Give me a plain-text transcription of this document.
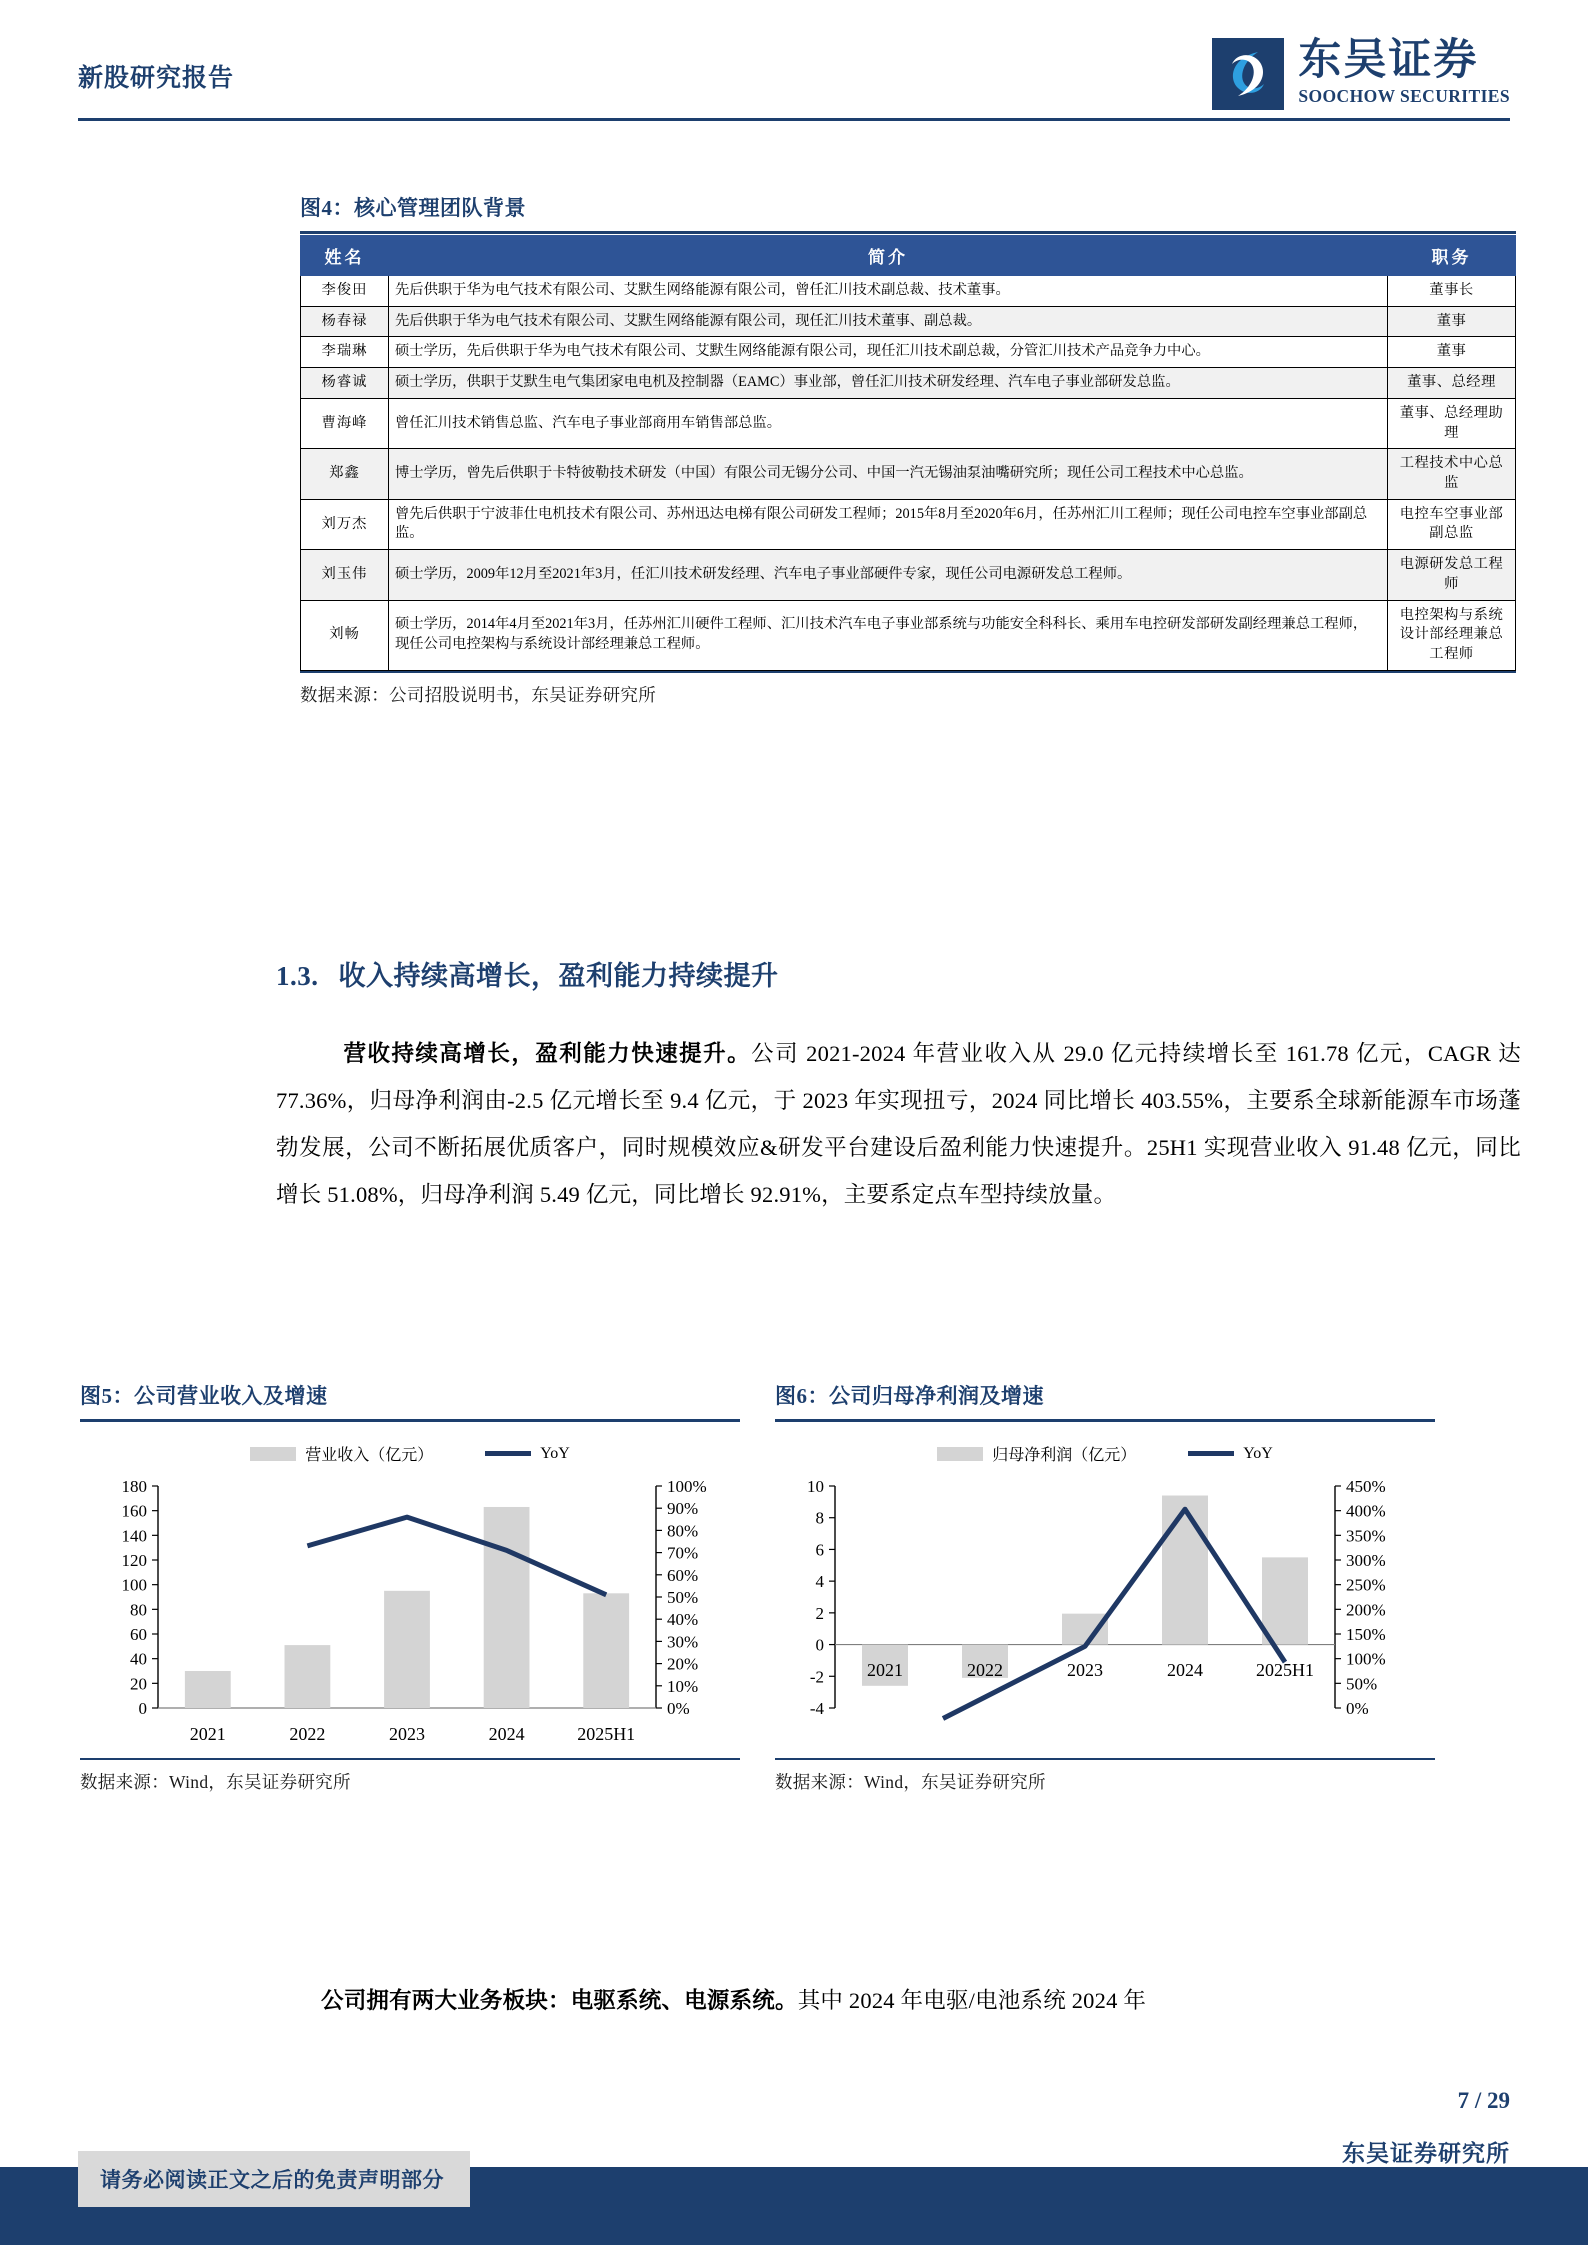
新股研究报告	东吴证券
SOOCHOW SECURITIES
图4：核心管理团队背景
姓名	简介	职务
李俊田	先后供职于华为电气技术有限公司、艾默生网络能源有限公司，曾任汇川技术副总裁、技术董事。	董事长
杨春禄	先后供职于华为电气技术有限公司、艾默生网络能源有限公司，现任汇川技术董事、副总裁。	董事
李瑞琳	硕士学历，先后供职于华为电气技术有限公司、艾默生网络能源有限公司，现任汇川技术副总裁，分管汇川技术产品竞争力中心。	董事
杨睿诚	硕士学历，供职于艾默生电气集团家电电机及控制器（EAMC）事业部，曾任汇川技术研发经理、汽车电子事业部研发总监。	董事、总经理
曹海峰	曾任汇川技术销售总监、汽车电子事业部商用车销售部总监。	董事、总经理助理
郑鑫	博士学历，曾先后供职于卡特彼勒技术研发（中国）有限公司无锡分公司、中国一汽无锡油泵油嘴研究所；现任公司工程技术中心总监。	工程技术中心总监
刘万杰	曾先后供职于宁波菲仕电机技术有限公司、苏州迅达电梯有限公司研发工程师；2015年8月至2020年6月，任苏州汇川工程师；现任公司电控车空事业部副总监。	电控车空事业部副总监
刘玉伟	硕士学历，2009年12月至2021年3月，任汇川技术研发经理、汽车电子事业部硬件专家，现任公司电源研发总工程师。	电源研发总工程师
刘畅	硕士学历，2014年4月至2021年3月，任苏州汇川硬件工程师、汇川技术汽车电子事业部系统与功能安全科科长、乘用车电控研发部研发副经理兼总工程师，现任公司电控架构与系统设计部经理兼总工程师。	电控架构与系统设计部经理兼总工程师
数据来源：公司招股说明书，东吴证券研究所
1.3. 收入持续高增长，盈利能力持续提升

营收持续高增长，盈利能力快速提升。公司 2021-2024 年营业收入从 29.0 亿元持续增长至 161.78 亿元，CAGR 达 77.36%，归母净利润由-2.5 亿元增长至 9.4 亿元，于 2023 年实现扭亏，2024 同比增长 403.55%，主要系全球新能源车市场蓬勃发展，公司不断拓展优质客户，同时规模效应&研发平台建设后盈利能力快速提升。25H1 实现营业收入 91.48 亿元，同比增长 51.08%，归母净利润 5.49 亿元，同比增长 92.91%，主要系定点车型持续放量。

图5：公司营业收入及增速
营业收入（亿元）	YoY
0
20
40
60
80
100
120
140
160
180
0%
10%
20%
30%
40%
50%
60%
70%
80%
90%
100%
2021	2022	2023	2024	2025H1
数据来源：Wind，东吴证券研究所
图6：公司归母净利润及增速
归母净利润（亿元）	YoY
-4
-2
0
2
4
6
8
10
0%
50%
100%
150%
200%
250%
300%
350%
400%
450%
2021	2022	2023	2024	2025H1
数据来源：Wind，东吴证券研究所

公司拥有两大业务板块：电驱系统、电源系统。其中 2024 年电驱/电池系统 2024 年

7 / 29
东吴证券研究所
请务必阅读正文之后的免责声明部分
